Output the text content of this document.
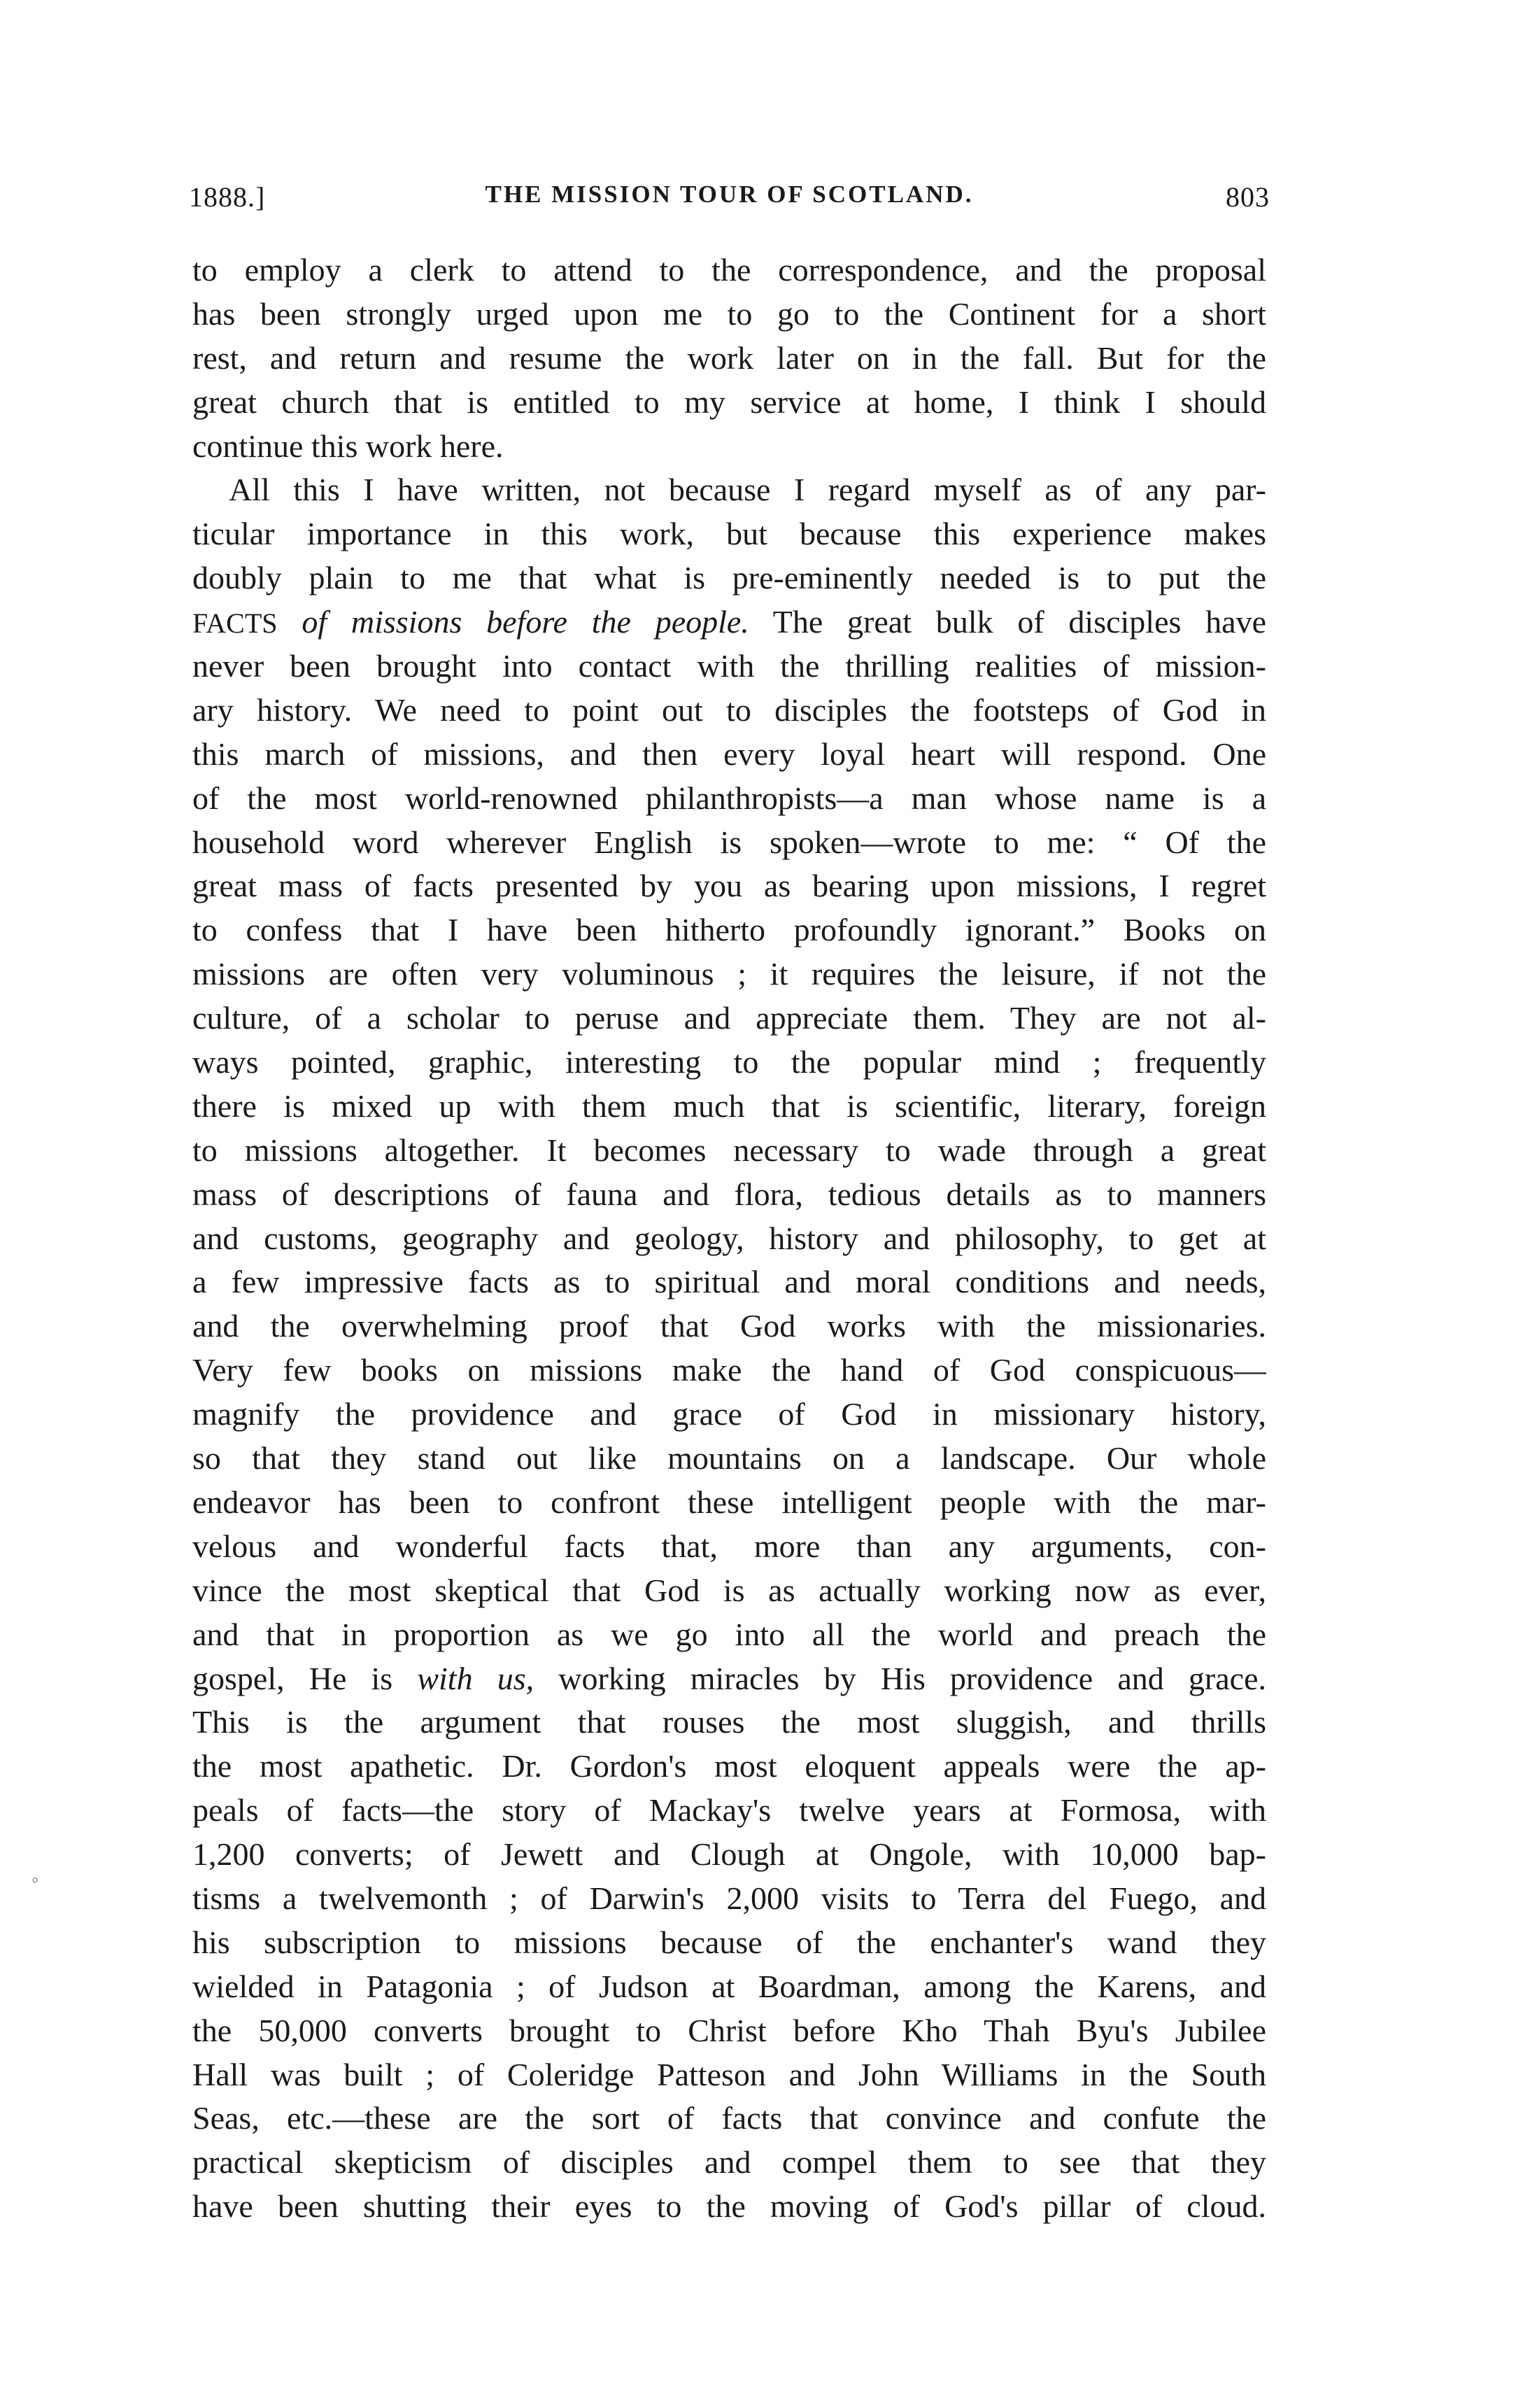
1888.]	THE MISSION TOUR OF SCOTLAND.	803
to employ a clerk to attend to the correspondence, and the proposal
has been strongly urged upon me to go to the Continent for a short
rest, and return and resume the work later on in the fall. But for the
great church that is entitled to my service at home, I think I should
continue this work here.
All this I have written, not because I regard myself as of any par-
ticular importance in this work, but because this experience makes
doubly plain to me that what is pre-eminently needed is to put the
FACTS of missions before the people. The great bulk of disciples have
never been brought into contact with the thrilling realities of mission-
ary history. We need to point out to disciples the footsteps of God in
this march of missions, and then every loyal heart will respond. One
of the most world-renowned philanthropists—a man whose name is a
household word wherever English is spoken—wrote to me: “ Of the
great mass of facts presented by you as bearing upon missions, I regret
to confess that I have been hitherto profoundly ignorant.” Books on
missions are often very voluminous ; it requires the leisure, if not the
culture, of a scholar to peruse and appreciate them. They are not al-
ways pointed, graphic, interesting to the popular mind ; frequently
there is mixed up with them much that is scientific, literary, foreign
to missions altogether. It becomes necessary to wade through a great
mass of descriptions of fauna and flora, tedious details as to manners
and customs, geography and geology, history and philosophy, to get at
a few impressive facts as to spiritual and moral conditions and needs,
and the overwhelming proof that God works with the missionaries.
Very few books on missions make the hand of God conspicuous—
magnify the providence and grace of God in missionary history,
so that they stand out like mountains on a landscape. Our whole
endeavor has been to confront these intelligent people with the mar-
velous and wonderful facts that, more than any arguments, con-
vince the most skeptical that God is as actually working now as ever,
and that in proportion as we go into all the world and preach the
gospel, He is with us, working miracles by His providence and grace.
This is the argument that rouses the most sluggish, and thrills
the most apathetic. Dr. Gordon's most eloquent appeals were the ap-
peals of facts—the story of Mackay's twelve years at Formosa, with
1,200 converts; of Jewett and Clough at Ongole, with 10,000 bap-
tisms a twelvemonth ; of Darwin's 2,000 visits to Terra del Fuego, and
his subscription to missions because of the enchanter's wand they
wielded in Patagonia ; of Judson at Boardman, among the Karens, and
the 50,000 converts brought to Christ before Kho Thah Byu's Jubilee
Hall was built ; of Coleridge Patteson and John Williams in the South
Seas, etc.—these are the sort of facts that convince and confute the
practical skepticism of disciples and compel them to see that they
have been shutting their eyes to the moving of God's pillar of cloud.
◦
